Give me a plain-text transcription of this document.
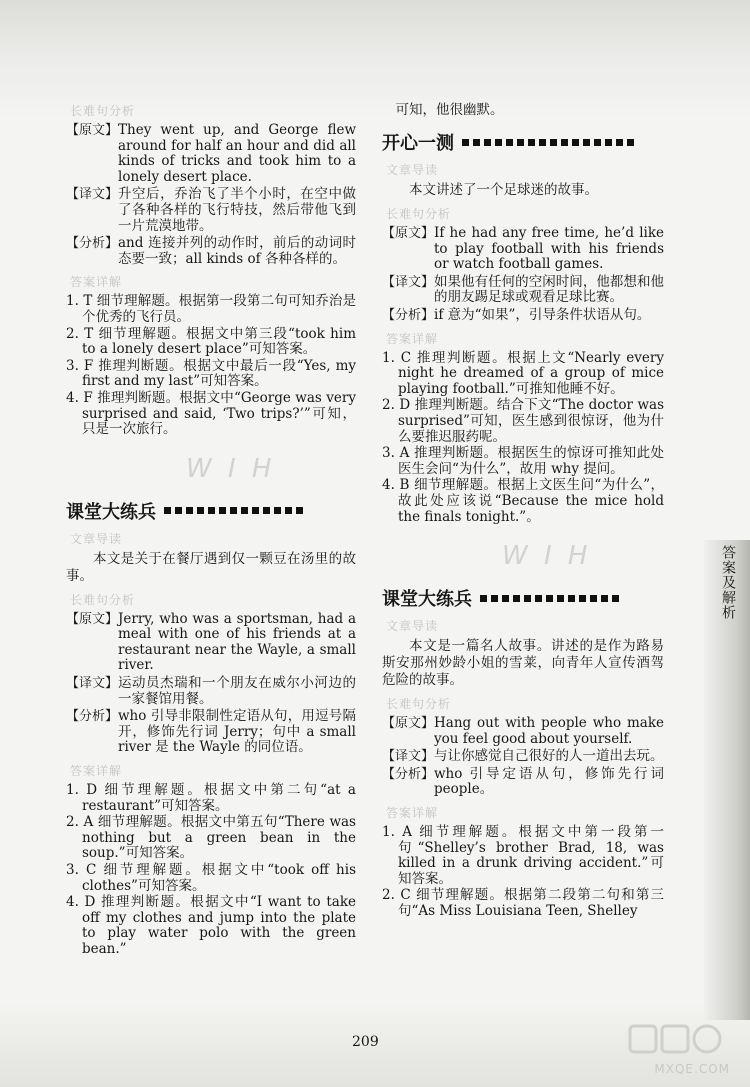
长难句分析
【原文】 They went up, and George flew around for half an hour and did all kinds of tricks and took him to a lonely desert place.
【译文】 升空后，乔治飞了半个小时，在空中做了各种各样的飞行特技，然后带他飞到一片荒漠地带。
【分析】 and 连接并列的动作时，前后的动词时态要一致；all kinds of 各种各样的。
答案详解
1. T 细节理解题。根据第一段第二句可知乔治是个优秀的飞行员。
2. T 细节理解题。根据文中第三段“took him to a lonely desert place”可知答案。
3. F 推理判断题。根据文中最后一段“Yes, my first and my last”可知答案。
4. F 推理判断题。根据文中“George was very surprised and said, ‘Two trips?’”可知，只是一次旅行。
W I H
课堂大练兵
文章导读
本文是关于在餐厅遇到仅一颗豆在汤里的故事。
长难句分析
【原文】 Jerry, who was a sportsman, had a meal with one of his friends at a restaurant near the Wayle, a small river.
【译文】 运动员杰瑞和一个朋友在威尔小河边的一家餐馆用餐。
【分析】 who 引导非限制性定语从句，用逗号隔开，修饰先行词 Jerry；句中 a small river 是 the Wayle 的同位语。
答案详解
1. D 细节理解题。根据文中第二句“at a restaurant”可知答案。
2. A 细节理解题。根据文中第五句“There was nothing but a green bean in the soup.”可知答案。
3. C 细节理解题。根据文中“took off his clothes”可知答案。
4. D 推理判断题。根据文中“I want to take off my clothes and jump into the plate to play water polo with the green bean.”
可知，他很幽默。
开心一测
文章导读
本文讲述了一个足球迷的故事。
长难句分析
【原文】 If he had any free time, he’d like to play football with his friends or watch football games.
【译文】 如果他有任何的空闲时间，他都想和他的朋友踢足球或观看足球比赛。
【分析】 if 意为“如果”，引导条件状语从句。
答案详解
1. C 推理判断题。根据上文“Nearly every night he dreamed of a group of mice playing football.”可推知他睡不好。
2. D 推理判断题。结合下文“The doctor was surprised”可知，医生感到很惊讶，他为什么要推迟服药呢。
3. A 推理判断题。根据医生的惊讶可推知此处医生会问“为什么”，故用 why 提问。
4. B 细节理解题。根据上文医生问“为什么”，故此处应该说“Because the mice hold the finals tonight.”。
W I H
课堂大练兵
文章导读
本文是一篇名人故事。讲述的是作为路易斯安那州妙龄小姐的雪莱，向青年人宣传酒驾危险的故事。
长难句分析
【原文】 Hang out with people who make you feel good about yourself.
【译文】 与让你感觉自己很好的人一道出去玩。
【分析】 who 引导定语从句，修饰先行词 people。
答案详解
1. A 细节理解题。根据文中第一段第一句“Shelley’s brother Brad, 18, was killed in a drunk driving accident.”可知答案。
2. C 细节理解题。根据第二段第二句和第三句“As Miss Louisiana Teen, Shelley
答案及解析
209
MXQE.COM
